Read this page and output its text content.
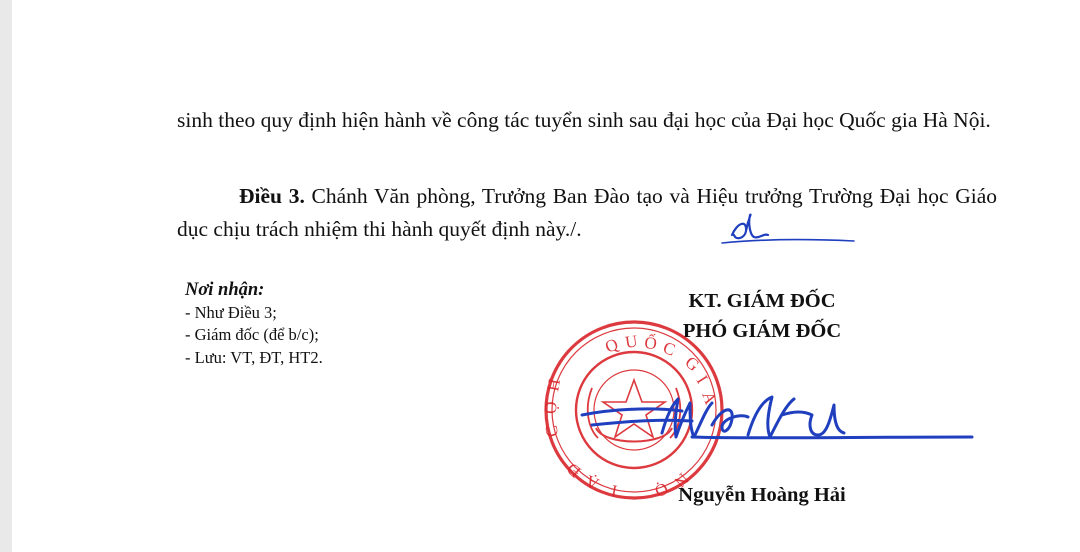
sinh theo quy định hiện hành về công tác tuyển sinh sau đại học của Đại học Quốc gia Hà Nội.

Điều 3. Chánh Văn phòng, Trưởng Ban Đào tạo và Hiệu trưởng Trường Đại học Giáo dục chịu trách nhiệm thi hành quyết định này./.

Nơi nhận:
- Như Điều 3;
- Giám đốc (để b/c);
- Lưu: VT, ĐT, HT2.
KT. GIÁM ĐỐC
PHÓ GIÁM ĐỐC
Q U Ố C
G
I
A
H
Ọ
C
Đ
Ạ I Ọ
N
Nguyễn Hoàng Hải
